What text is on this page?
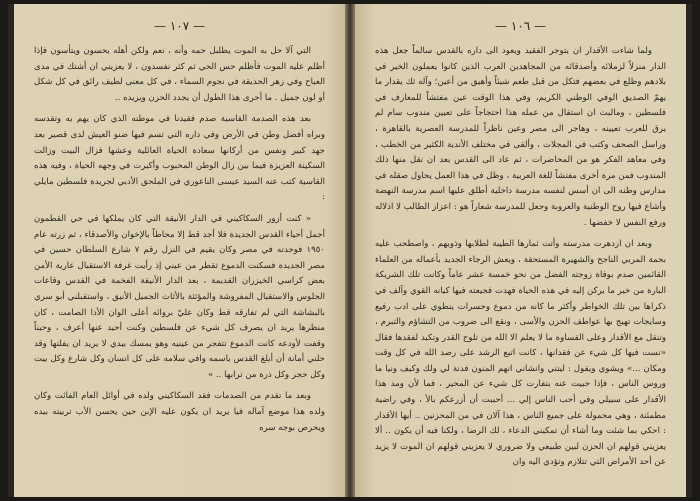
— ١٠٧ —

التي آلا حل به الموت يطلبل حمه وأنه ، نعم ولكن أهله يحسون ويتأسون فإذا أظلم عليه الموت فأظلم حس الحي ثم كثر نفسدون ، لا يعزيني ان أشتك في مدى العباح وفي زهر الحديقة في نجوم السماء ، في كل معنى لطيف رائق في كل شكل أو لون جميل . ما أحرى هذا الطول أن يجدد الحزن ويزيده ..

بعد هذه الصدمة القاسية صدم فقيدنا في موطنه الذي كان يهم به وتقدسه وبراه أفضل وطن في الأرض وفي داره التي تسم فيها ضنو العيش لدى قصير بعد جهد كبير ونفس من أركانها سعادة الحياة العائلية وعشها فزال البيت وزالت السكينة العزيزة فيما بين زال الوطن المحبوب وأكبرت في وجهه الحياة ، وفيه هذه القاسية كتب عنه السيد عيسى الناعوري في الملحق الأدبي لجريدة فلسطين مايلي :

« كنت أزور السكاكيني في الدار الأنيقة التي كان يملكها في حي القطمون أجمل أحياء القدس الجديدة فلا أجد قط إلا محاطاً بالإخوان والأصدقاء ، ثم زرته عام ١٩٥٠ فوجدته في مصر وكان يقيم في النزل رقم ٧ شارع السلطان حسين في مصر الجديدة فسكنت الدموع تقطر من عيني إذ رأيت غرفة الاستقبال عارية الأمن بعض كراسي الخيزران القديمة ، بعد الدار الأنيقة الفخمة في القدس وقاعات الجلوس والاستقبال المفروشة والمؤثثة بالأثاث الجميل الأنيق ، واستقبلني أبو سري بالبشاشة التي لم تفارقه قط وكان عليّ بروائه أعلى الوان الأدا الصامت ، كان منظرها يريد ان يصرف كل شيء عن فلسطين وكنت أحيد عنها أعرف ، وحيناً وقفت لأودعه كانت الدموع تتفجر من عينيه وهو يمسك بيدي لا يريد ان يفلتها وقد حلني أمانة أن أبلغ القدس باسمه وافي سلامه على كل انسان وكل شارع وكل بيت وكل حجر وكل ذرة من ترابها .. »

وبعد ما تقدم من الصدمات فقد السكاكيني ولده في أوائل العام الفائت وكان ولده هذا موضع آماله فيا يريد ان يكون عليه الإبن حين يحسن الأب تربيته بيده ويحرص بوجه سره

— ١٠٦ —

ولما شاءت الأقدار ان يتوجر الفقيد ويعود الى داره بالقدس سالماً جعل هذه الدار منزلاً لزملائه وأصدقائه من المجاهدين العرب الذين كانوا يعملون الخير في بلادهم وظلع في بعضهم فتكل من قبل طعم شيئاً وأهيق من أعين؛ وآله ثك يقدار ما يهمّ الصديق الوفي الوطني الكريم، وفي هذا الوقت عين مفتشاً للمعارف في فلسطين ، ومالبث ان استقال من عمله هذا احتجاجاً على تعيين مندوب سام لم يرق للعرب تعيينه ، وهاجر الى مصر وعين ناظراً للمدرسة العصرية بالقاهرة ، وراسل الصحف وكتب في المجلات ، وألقى في مختلف الأندية الكثير من الخطب ، وفي معاهد الفكر هو من المحاضرات ، ثم عاد الى القدس بعد ان نقل منها ذلك المندوب فمن مرة أخرى مفتشاً للغة العربية ، وظل في هذا العمل يحاول صقله في مدارس وطنه الى ان أسس لنفسه مدرسة داخلية أطلق عليها اسم مدرسة النهضة وأشاع فيها روح الوطنية والعروبة وجعل للمدرسة شعاراً هو : اعزاز الطالب لا اذلاله ورفع النفس لا خفضها .

وبعد ان ازدهرت مدرسته وأتت ثمارها الطيبة لطلابها وذويهم ، واصطحب عليه بحمة المربي الناجح والشهيرة المستحقة ، ويعش الرجاء الجديد بأعماله من العلماء القائمين صدم بوفاة زوجته الفضل من نحو خمسة عشر عاماً وكانت تلك الشريكة البارة من خير ما يركن إليه في هذه الحياة فهدت فجيعته فيها كيانه القوي وآلف في ذكراها بين تلك الخواطر وأكثر ما كانه من دموع وحسرات ينطوي على ادب رفيع وسايجات تهيج بها عواطف الحزن والأسى ، ونقع الى ضروب من التشاؤم والتبرم ، وتنقل مع الأقدار وعلى القساوة ما لا يعلم الا الله من تلوح القدر وتكبد لفقدها فقال «نست فيها كل شيء عن فقدانها ، كانت اتبع الرشد على رصد الله في كل وقت ومكان ...» ويشوي ويقول : ليتني وانشاني انهم المنون فدنة لي ولك وكيف ونيا ما وروس الناس ، فإذا حبيت عنه بتفارت كل شيء عن المحير ، فما لأن ومد هذا الأقدار على سبيلي وفي أحب الناس إلي ... أحببت أن أزرعكم بالأ ، وفي راضية مطمئنة ، وهي محمولة على جميع الناس ، هذا آلان في من المحزنين .. أيها الأقدار : احكي بما شئت وما أشاء أن تمكيني الدعاء ، لك الرضا ، ولكنا فيه أن يكون .. ألا يعزيني قولهم ان الحزن لبين طبيعي ولا ضروري لا يعزيني قولهم ان الموت لا يزيد عن أحد الأمراض التي تتلازم وتؤدي اليه وان
